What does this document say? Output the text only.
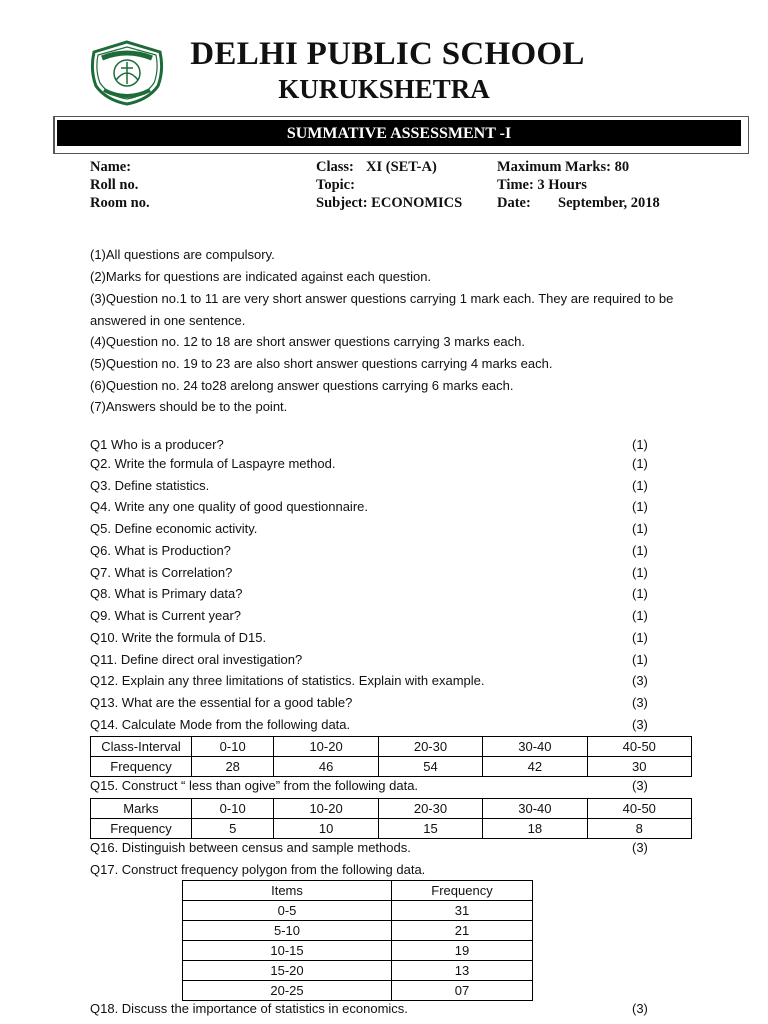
DELHI PUBLIC SCHOOL
KURUKSHETRA
SUMMATIVE ASSESSMENT -I
Name:
Roll no.
Room no.
Class: XI (SET-A)
Topic:
Subject: ECONOMICS
Maximum Marks: 80
Time: 3 Hours
Date: September, 2018
(1)All questions are compulsory.
(2)Marks for questions are indicated against each question.
(3)Question no.1 to 11 are very short answer questions carrying 1 mark each. They are required to be answered in one sentence.
(4)Question no. 12 to 18 are short answer questions carrying 3 marks each.
(5)Question no. 19 to 23 are also short answer questions carrying 4 marks each.
(6)Question no. 24 to28 arelong answer questions carrying 6 marks each.
(7)Answers should be to the point.
Q1 Who is a producer?	(1)
Q2. Write the formula of Laspayre method.	(1)
Q3. Define statistics.	(1)
Q4. Write any one quality of good questionnaire.	(1)
Q5. Define economic activity.	(1)
Q6. What is Production?	(1)
Q7. What is Correlation?	(1)
Q8. What is Primary data?	(1)
Q9. What is Current year?	(1)
Q10. Write the formula of D15.	(1)
Q11. Define direct oral investigation?	(1)
Q12. Explain any three limitations of statistics. Explain with example.	(3)
Q13. What are the essential for a good table?	(3)
Q14. Calculate Mode from the following data.	(3)
Class-Interval	0-10	10-20	20-30	30-40	40-50
Frequency	28	46	54	42	30
Q15. Construct “ less than ogive” from the following data.	(3)
Marks	0-10	10-20	20-30	30-40	40-50
Frequency	5	10	15	18	8
Q16. Distinguish between census and sample methods.	(3)
Q17. Construct frequency polygon from the following data.
Items	Frequency
0-5	31
5-10	21
10-15	19
15-20	13
20-25	07
Q18. Discuss the importance of statistics in economics.	(3)
